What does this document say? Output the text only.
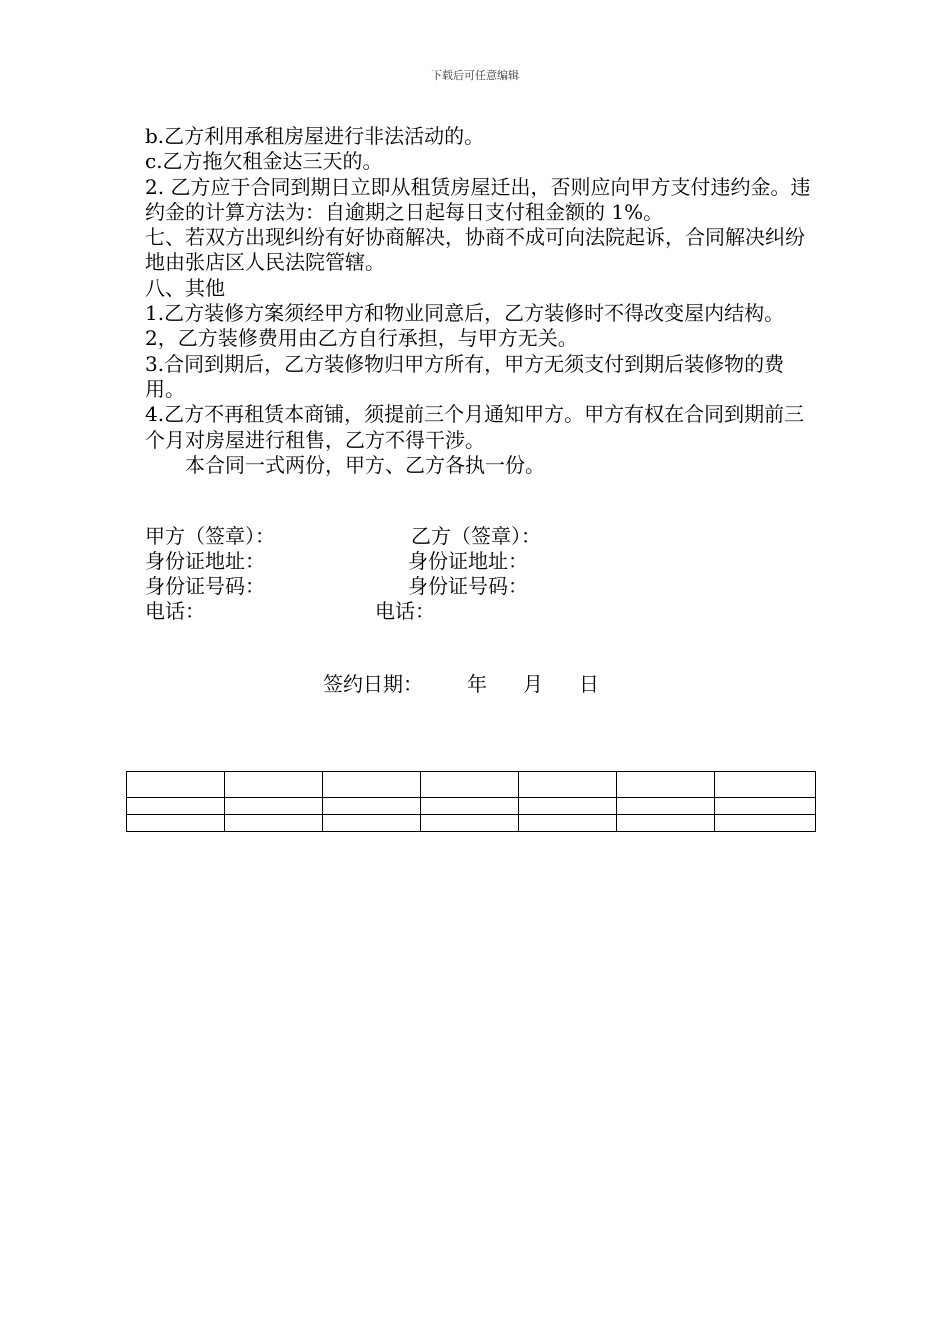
下载后可任意编辑

b.乙方利用承租房屋进行非法活动的。

c.乙方拖欠租金达三天的。

2. 乙方应于合同到期日立即从租赁房屋迁出，否则应向甲方支付违约金。违约金的计算方法为：自逾期之日起每日支付租金额的 1%。

七、若双方出现纠纷有好协商解决，协商不成可向法院起诉，合同解决纠纷地由张店区人民法院管辖。

八、其他

1.乙方装修方案须经甲方和物业同意后，乙方装修时不得改变屋内结构。

2，乙方装修费用由乙方自行承担，与甲方无关。

3.合同到期后，乙方装修物归甲方所有，甲方无须支付到期后装修物的费用。

4.乙方不再租赁本商铺，须提前三个月通知甲方。甲方有权在合同到期前三个月对房屋进行租售，乙方不得干涉。

本合同一式两份，甲方、乙方各执一份。

甲方（签章）：	乙方（签章）：
身份证地址：	身份证地址：
身份证号码：	身份证号码：
电话：	电话：
签约日期： 年 月 日
